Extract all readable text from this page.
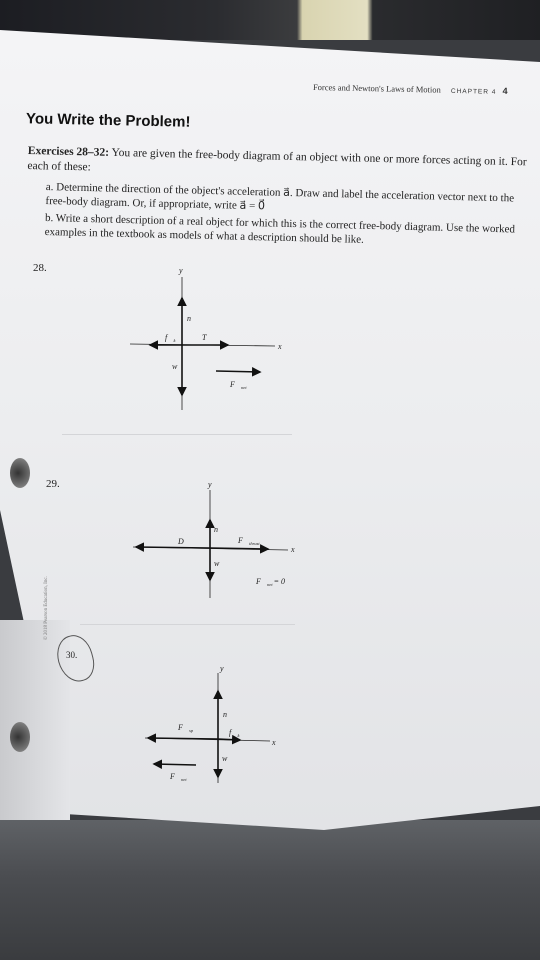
Forces and Newton's Laws of Motion CHAPTER 4 4
You Write the Problem!
Exercises 28–32: You are given the free-body diagram of an object with one or more forces acting on it. For each of these:
a. Determine the direction of the object's acceleration a⃗. Draw and label the acceleration vector next to the free-body diagram. Or, if appropriate, write a⃗ = 0⃗
b. Write a short description of a real object for which this is the correct free-body diagram. Use the worked examples in the textbook as models of what a description should be like.
28.
x
y
n⃗
$f⃗_k$	T⃗
w⃗
$F⃗_{net}$
29.
x
y
n⃗
D⃗	$F⃗_{thrust}$
w⃗
$F⃗_{net}=$ 0⃗
30.
x
y
n⃗
$F⃗_{sp}$	$f⃗_k$
w⃗
$F⃗_{net}$
© 2018 Pearson Education, Inc.
